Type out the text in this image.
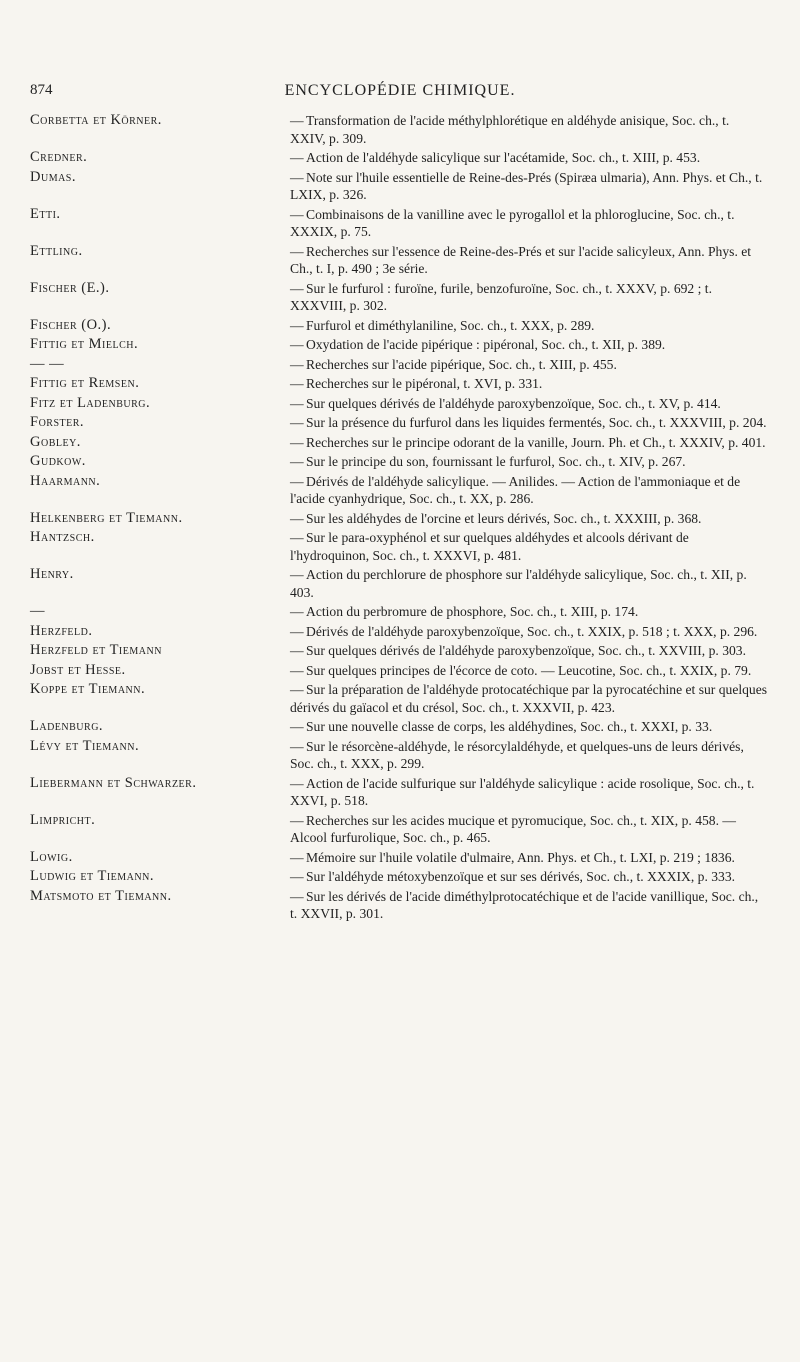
874	ENCYCLOPÉDIE CHIMIQUE.
Corbetta et Körner.	— Transformation de l'acide méthylphlorétique en aldéhyde anisique, Soc. ch., t. XXIV, p. 309.
Credner.	— Action de l'aldéhyde salicylique sur l'acétamide, Soc. ch., t. XIII, p. 453.
Dumas.	— Note sur l'huile essentielle de Reine-des-Prés (Spiræa ulmaria), Ann. Phys. et Ch., t. LXIX, p. 326.
Etti.	— Combinaisons de la vanilline avec le pyrogallol et la phloroglucine, Soc. ch., t. XXXIX, p. 75.
Ettling.	— Recherches sur l'essence de Reine-des-Prés et sur l'acide salicyleux, Ann. Phys. et Ch., t. I, p. 490 ; 3e série.
Fischer (E.).	— Sur le furfurol : furoïne, furile, benzofuroïne, Soc. ch., t. XXXV, p. 692 ; t. XXXVIII, p. 302.
Fischer (O.).	— Furfurol et diméthylaniline, Soc. ch., t. XXX, p. 289.
Fittig et Mielch.	— Oxydation de l'acide pipérique : pipéronal, Soc. ch., t. XII, p. 389.
— —	— Recherches sur l'acide pipérique, Soc. ch., t. XIII, p. 455.
Fittig et Remsen.	— Recherches sur le pipéronal, t. XVI, p. 331.
Fitz et Ladenburg.	— Sur quelques dérivés de l'aldéhyde paroxybenzoïque, Soc. ch., t. XV, p. 414.
Forster.	— Sur la présence du furfurol dans les liquides fermentés, Soc. ch., t. XXXVIII, p. 204.
Gobley.	— Recherches sur le principe odorant de la vanille, Journ. Ph. et Ch., t. XXXIV, p. 401.
Gudkow.	— Sur le principe du son, fournissant le furfurol, Soc. ch., t. XIV, p. 267.
Haarmann.	— Dérivés de l'aldéhyde salicylique. — Anilides. — Action de l'ammoniaque et de l'acide cyanhydrique, Soc. ch., t. XX, p. 286.
Helkenberg et Tiemann.	— Sur les aldéhydes de l'orcine et leurs dérivés, Soc. ch., t. XXXIII, p. 368.
Hantzsch.	— Sur le para-oxyphénol et sur quelques aldéhydes et alcools dérivant de l'hydroquinon, Soc. ch., t. XXXVI, p. 481.
Henry.	— Action du perchlorure de phosphore sur l'aldéhyde salicylique, Soc. ch., t. XII, p. 403.
—	— Action du perbromure de phosphore, Soc. ch., t. XIII, p. 174.
Herzfeld.	— Dérivés de l'aldéhyde paroxybenzoïque, Soc. ch., t. XXIX, p. 518 ; t. XXX, p. 296.
Herzfeld et Tiemann	— Sur quelques dérivés de l'aldéhyde paroxybenzoïque, Soc. ch., t. XXVIII, p. 303.
Jobst et Hesse.	— Sur quelques principes de l'écorce de coto. — Leucotine, Soc. ch., t. XXIX, p. 79.
Koppe et Tiemann.	— Sur la préparation de l'aldéhyde protocatéchique par la pyrocatéchine et sur quelques dérivés du gaïacol et du crésol, Soc. ch., t. XXXVII, p. 423.
Ladenburg.	— Sur une nouvelle classe de corps, les aldéhydines, Soc. ch., t. XXXI, p. 33.
Lévy et Tiemann.	— Sur le résorcène-aldéhyde, le résorcylaldéhyde, et quelques-uns de leurs dérivés, Soc. ch., t. XXX, p. 299.
Liebermann et Schwarzer.	— Action de l'acide sulfurique sur l'aldéhyde salicylique : acide rosolique, Soc. ch., t. XXVI, p. 518.
Limpricht.	— Recherches sur les acides mucique et pyromucique, Soc. ch., t. XIX, p. 458. — Alcool furfurolique, Soc. ch., p. 465.
Lowig.	— Mémoire sur l'huile volatile d'ulmaire, Ann. Phys. et Ch., t. LXI, p. 219 ; 1836.
Ludwig et Tiemann.	— Sur l'aldéhyde métoxybenzoïque et sur ses dérivés, Soc. ch., t. XXXIX, p. 333.
Matsmoto et Tiemann.	— Sur les dérivés de l'acide diméthylprotocatéchique et de l'acide vanillique, Soc. ch., t. XXVII, p. 301.
